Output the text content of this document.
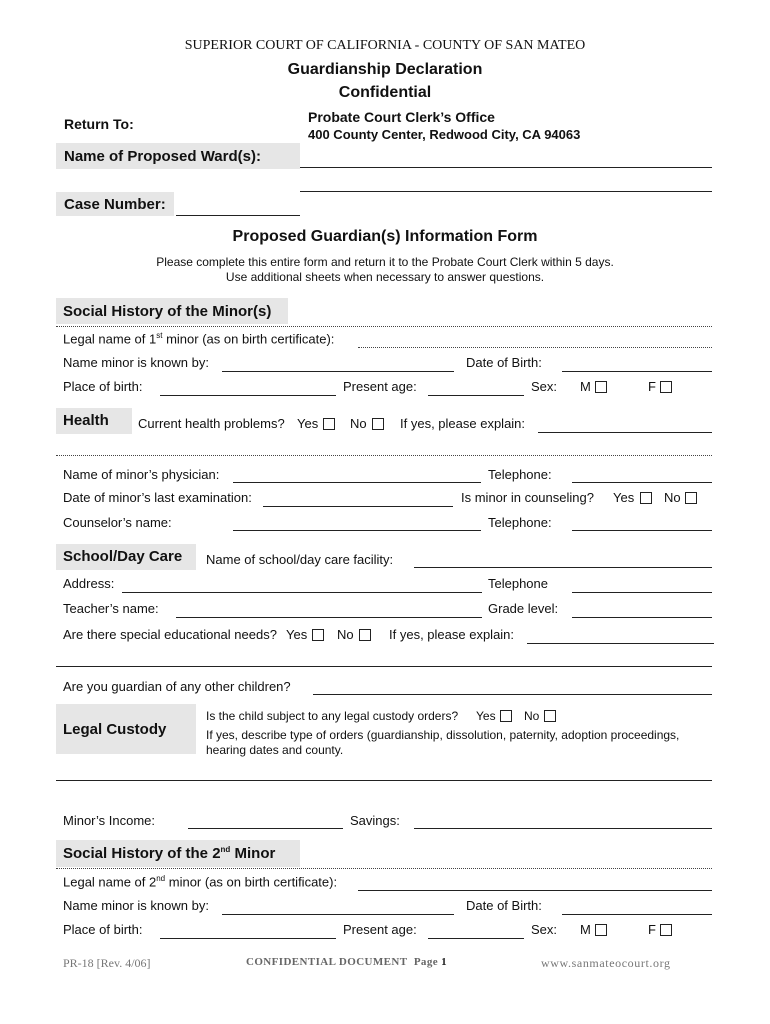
SUPERIOR COURT OF CALIFORNIA - COUNTY OF SAN MATEO
Guardianship Declaration
Confidential
Return To:	Probate Court Clerk’s Office
400 County Center, Redwood City, CA 94063
Name of Proposed Ward(s):
Case Number:
Proposed Guardian(s) Information Form
Please complete this entire form and return it to the Probate Court Clerk within 5 days.
Use additional sheets when necessary to answer questions.
Social History of the Minor(s)
Legal name of 1st minor (as on birth certificate):
Name minor is known by:	Date of Birth:
Place of birth:	Present age:	Sex: M	F
Health Current health problems? Yes No	If yes, please explain:
Name of minor’s physician:	Telephone:
Date of minor’s last examination:	Is minor in counseling? Yes No
Counselor’s name:	Telephone:
School/Day Care Name of school/day care facility:
Address:	Telephone
Teacher’s name:	Grade level:
Are there special educational needs? Yes No	If yes, please explain:
Are you guardian of any other children?
Legal Custody
Is the child subject to any legal custody orders? Yes No
If yes, describe type of orders (guardianship, dissolution, paternity, adoption proceedings,
hearing dates and county.
Minor’s Income:	Savings:
Social History of the 2nd Minor
Legal name of 2nd minor (as on birth certificate):
Name minor is known by:	Date of Birth:
Place of birth:	Present age:	Sex: M	F
PR-18 [Rev. 4/06]	CONFIDENTIAL DOCUMENT Page 1	www.sanmateocourt.org
